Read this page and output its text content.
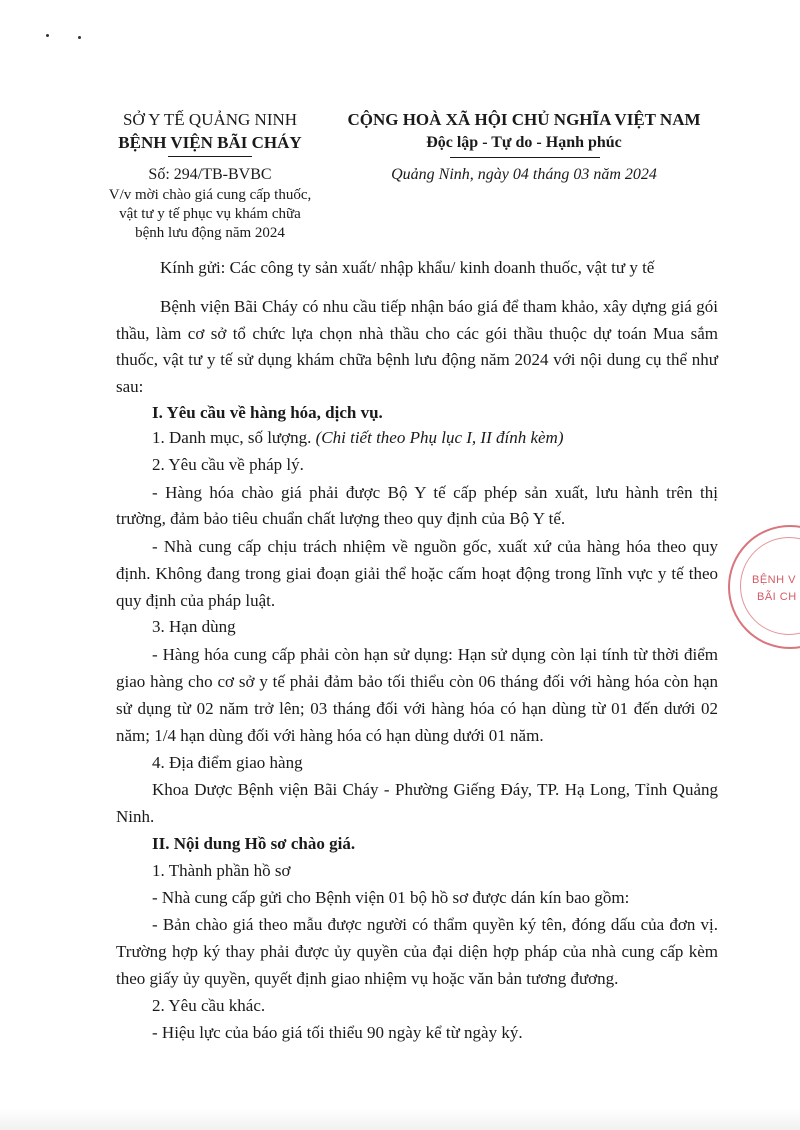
SỞ Y TẾ QUẢNG NINH
BỆNH VIỆN BÃI CHÁY
Số: 294/TB-BVBC
V/v mời chào giá cung cấp thuốc,
vật tư y tế phục vụ khám chữa
bệnh lưu động năm 2024
CỘNG HOÀ XÃ HỘI CHỦ NGHĨA VIỆT NAM
Độc lập - Tự do - Hạnh phúc
Quảng Ninh, ngày 04 tháng 03 năm 2024
Kính gửi: Các công ty sản xuất/ nhập khẩu/ kinh doanh thuốc, vật tư y tế
Bệnh viện Bãi Cháy có nhu cầu tiếp nhận báo giá để tham khảo, xây dựng giá gói
thầu, làm cơ sở tổ chức lựa chọn nhà thầu cho các gói thầu thuộc dự toán Mua sắm
thuốc, vật tư y tế sử dụng khám chữa bệnh lưu động năm 2024 với nội dung cụ thể như
sau:
I. Yêu cầu về hàng hóa, dịch vụ.
1. Danh mục, số lượng. (Chi tiết theo Phụ lục I, II đính kèm)
2. Yêu cầu về pháp lý.
- Hàng hóa chào giá phải được Bộ Y tế cấp phép sản xuất, lưu hành trên thị
trường, đảm bảo tiêu chuẩn chất lượng theo quy định của Bộ Y tế.
- Nhà cung cấp chịu trách nhiệm về nguồn gốc, xuất xứ của hàng hóa theo quy
định. Không đang trong giai đoạn giải thể hoặc cấm hoạt động trong lĩnh vực y tế theo
quy định của pháp luật.
3. Hạn dùng
- Hàng hóa cung cấp phải còn hạn sử dụng: Hạn sử dụng còn lại tính từ thời điểm
giao hàng cho cơ sở y tế phải đảm bảo tối thiểu còn 06 tháng đối với hàng hóa còn hạn
sử dụng từ 02 năm trở lên; 03 tháng đối với hàng hóa có hạn dùng từ 01 đến dưới 02
năm; 1/4 hạn dùng đối với hàng hóa có hạn dùng dưới 01 năm.
4. Địa điểm giao hàng
Khoa Dược Bệnh viện Bãi Cháy - Phường Giếng Đáy, TP. Hạ Long, Tỉnh Quảng
Ninh.
II. Nội dung Hồ sơ chào giá.
1. Thành phần hồ sơ
- Nhà cung cấp gửi cho Bệnh viện 01 bộ hồ sơ được dán kín bao gồm:
- Bản chào giá theo mẫu được người có thẩm quyền ký tên, đóng dấu của đơn vị.
Trường hợp ký thay phải được ủy quyền của đại diện hợp pháp của nhà cung cấp kèm
theo giấy ủy quyền, quyết định giao nhiệm vụ hoặc văn bản tương đương.
2. Yêu cầu khác.
- Hiệu lực của báo giá tối thiểu 90 ngày kể từ ngày ký.
BỆNH V
BÃI CH
